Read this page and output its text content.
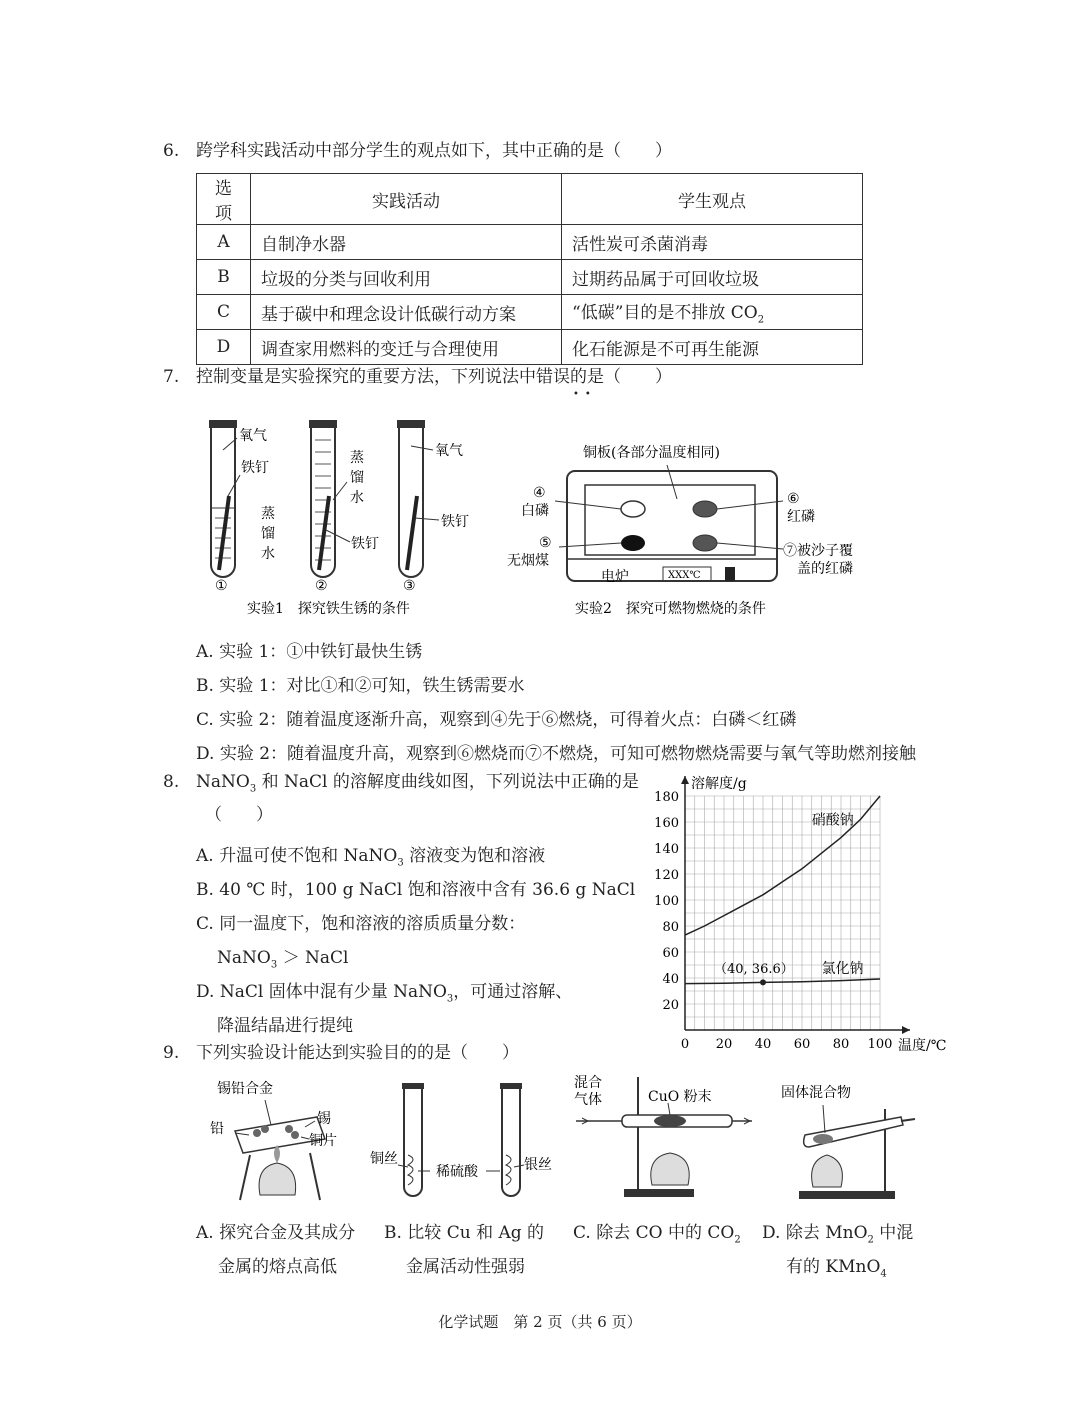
6. 跨学科实践活动中部分学生的观点如下，其中正确的是（　　）
选项	实践活动	学生观点
A	自制净水器	活性炭可杀菌消毒
B	垃圾的分类与回收利用	过期药品属于可回收垃圾
C	基于碳中和理念设计低碳行动方案	“低碳”目的是不排放 $CO_2$
D	调查家用燃料的变迁与合理使用	化石能源是不可再生能源
7. 控制变量是实验探究的重要方法，下列说法中错误的是（　　）
••
氧气
铁钉
蒸
馏
水
蒸
馏
水
铁钉
氧气
铁钉
①	②	③
实验1　探究铁生锈的条件
铜板(各部分温度相同)
④
白磷
⑥
红磷
⑤
无烟煤
⑦被沙子覆
盖的红磷
电炉	XXX℃
实验2　探究可燃物燃烧的条件
A. 实验 1：①中铁钉最快生锈
B. 实验 1：对比①和②可知，铁生锈需要水
C. 实验 2：随着温度逐渐升高，观察到④先于⑥燃烧，可得着火点：白磷＜红磷
D. 实验 2：随着温度升高，观察到⑥燃烧而⑦不燃烧，可知可燃物燃烧需要与氧气等助燃剂接触
8. NaNO$_3$ 和 NaCl 的溶解度曲线如图，下列说法中正确的是
（　　）
A. 升温可使不饱和 NaNO$_3$ 溶液变为饱和溶液
B. 40 ℃ 时，100 g NaCl 饱和溶液中含有 36.6 g NaCl
C. 同一温度下，饱和溶液的溶质质量分数：
NaNO$_3$ ＞ NaCl
D. NaCl 固体中混有少量 NaNO$_3$，可通过溶解、
降温结晶进行提纯
0 20 40 60 80 100
20
40
60
80
100
120
140
160
180
溶解度/g
温度/℃
硝酸钠
氯化钠
（40, 36.6）
9. 下列实验设计能达到实验目的的是（　　）
锡铅合金
铅
锡
铜片
铜丝
稀硫酸	银丝
混合
气体	CuO 粉末	固体混合物
A. 探究合金及其成分
金属的熔点高低
B. 比较 Cu 和 Ag 的
金属活动性强弱
C. 除去 CO 中的 $CO_2$ D. 除去 MnO$_2$ 中混
有的 KMnO$_4$
化学试题　第 2 页（共 6 页）
